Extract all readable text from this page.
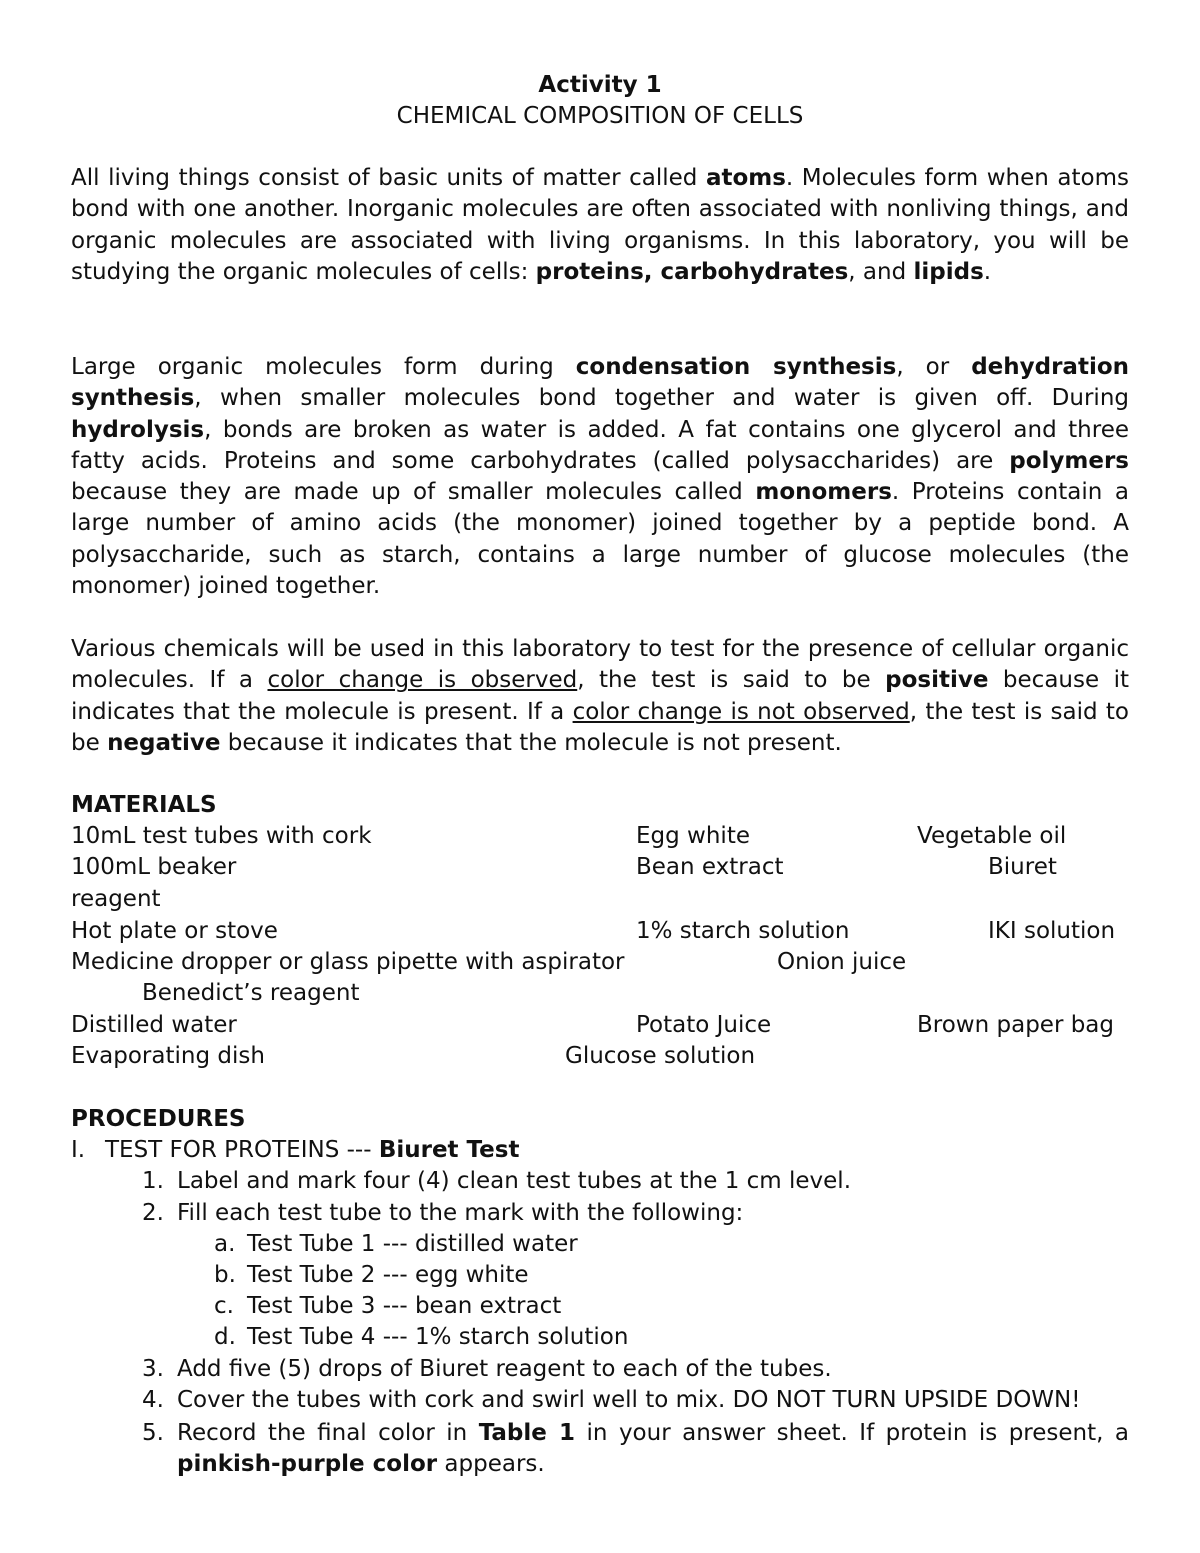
Activity 1
CHEMICAL COMPOSITION OF CELLS

All living things consist of basic units of matter called atoms. Molecules form when atoms bond with one another. Inorganic molecules are often associated with nonliving things, and organic molecules are associated with living organisms. In this laboratory, you will be studying the organic molecules of cells: proteins, carbohydrates, and lipids.

Large organic molecules form during condensation synthesis, or dehydration synthesis, when smaller molecules bond together and water is given off. During hydrolysis, bonds are broken as water is added. A fat contains one glycerol and three fatty acids. Proteins and some carbohydrates (called polysaccharides) are polymers because they are made up of smaller molecules called monomers. Proteins contain a large number of amino acids (the monomer) joined together by a peptide bond. A polysaccharide, such as starch, contains a large number of glucose molecules (the monomer) joined together.

Various chemicals will be used in this laboratory to test for the presence of cellular organic molecules. If a color change is observed, the test is said to be positive because it indicates that the molecule is present. If a color change is not observed, the test is said to be negative because it indicates that the molecule is not present.

MATERIALS
10mL test tubes with cork	Egg white	Vegetable oil
100mL beaker	Bean extract	Biuret
reagent
Hot plate or stove	1% starch solution	IKI solution
Medicine dropper or glass pipette with aspirator	Onion juice
Benedict’s reagent
Distilled water	Potato Juice	Brown paper bag
Evaporating dish	Glucose solution
PROCEDURES
I. TEST FOR PROTEINS --- Biuret Test
1. Label and mark four (4) clean test tubes at the 1 cm level.
2. Fill each test tube to the mark with the following:
a. Test Tube 1 --- distilled water
b. Test Tube 2 --- egg white
c. Test Tube 3 --- bean extract
d. Test Tube 4 --- 1% starch solution
3. Add five (5) drops of Biuret reagent to each of the tubes.
4. Cover the tubes with cork and swirl well to mix. DO NOT TURN UPSIDE DOWN!
5. Record the final color in Table 1 in your answer sheet. If protein is present, a pinkish-purple color appears.
